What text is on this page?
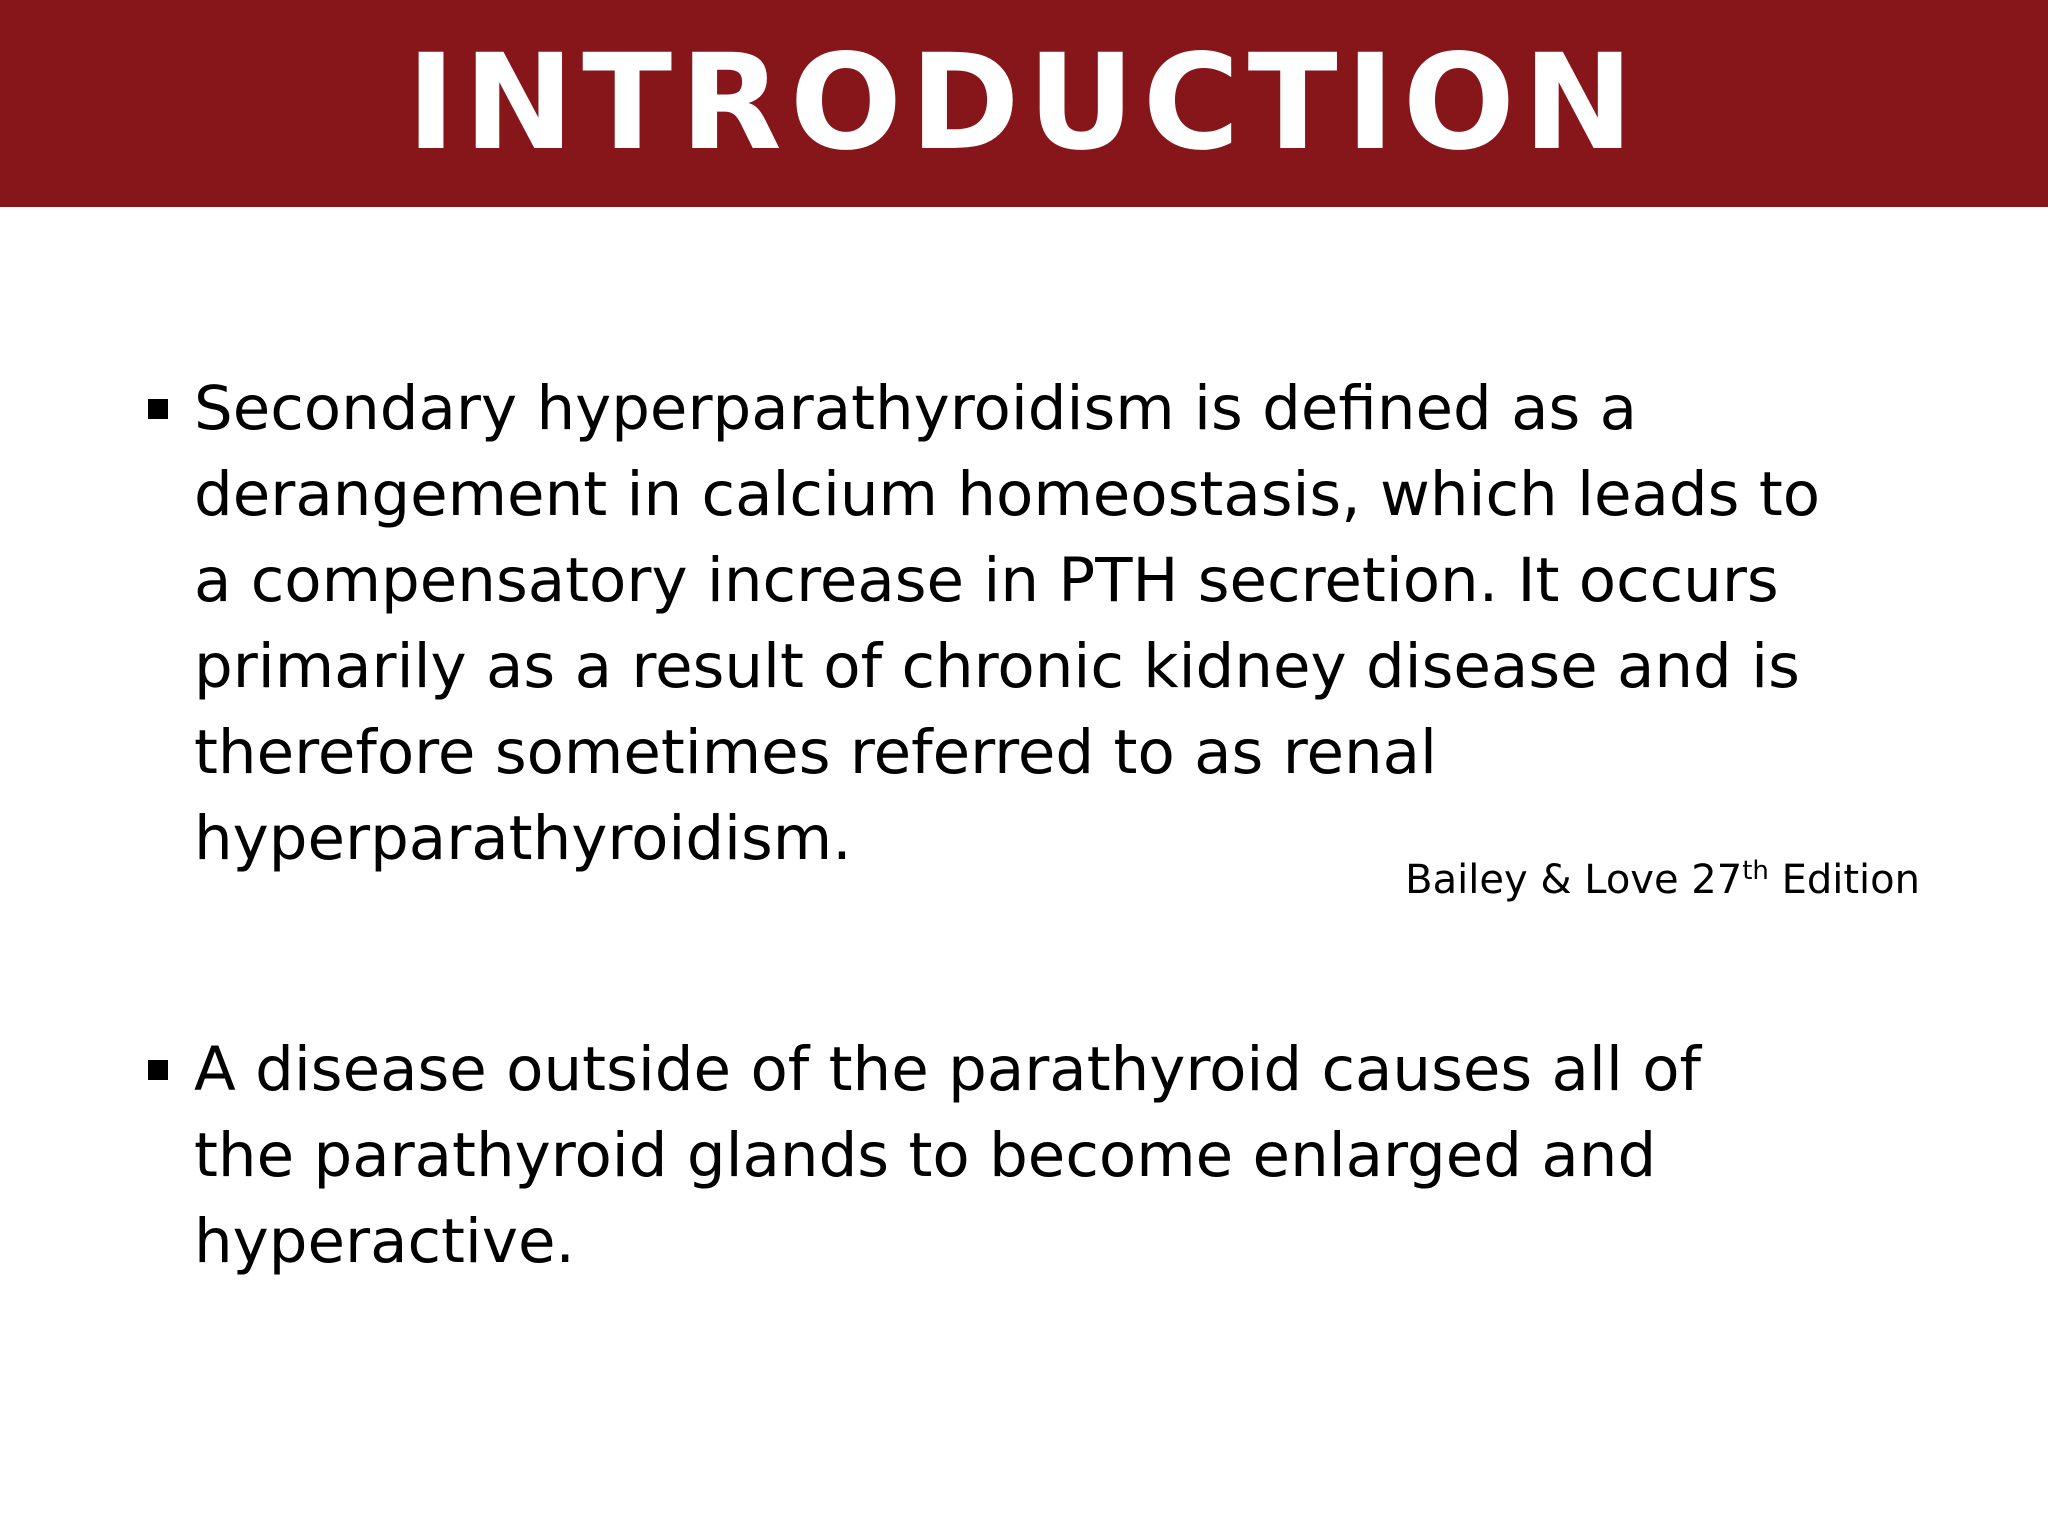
INTRODUCTION
Secondary hyperparathyroidism is defined as a
derangement in calcium homeostasis, which leads to
a compensatory increase in PTH secretion. It occurs
primarily as a result of chronic kidney disease and is
therefore sometimes referred to as renal
hyperparathyroidism.
Bailey & Love 27th Edition
A disease outside of the parathyroid causes all of
the parathyroid glands to become enlarged and
hyperactive.
